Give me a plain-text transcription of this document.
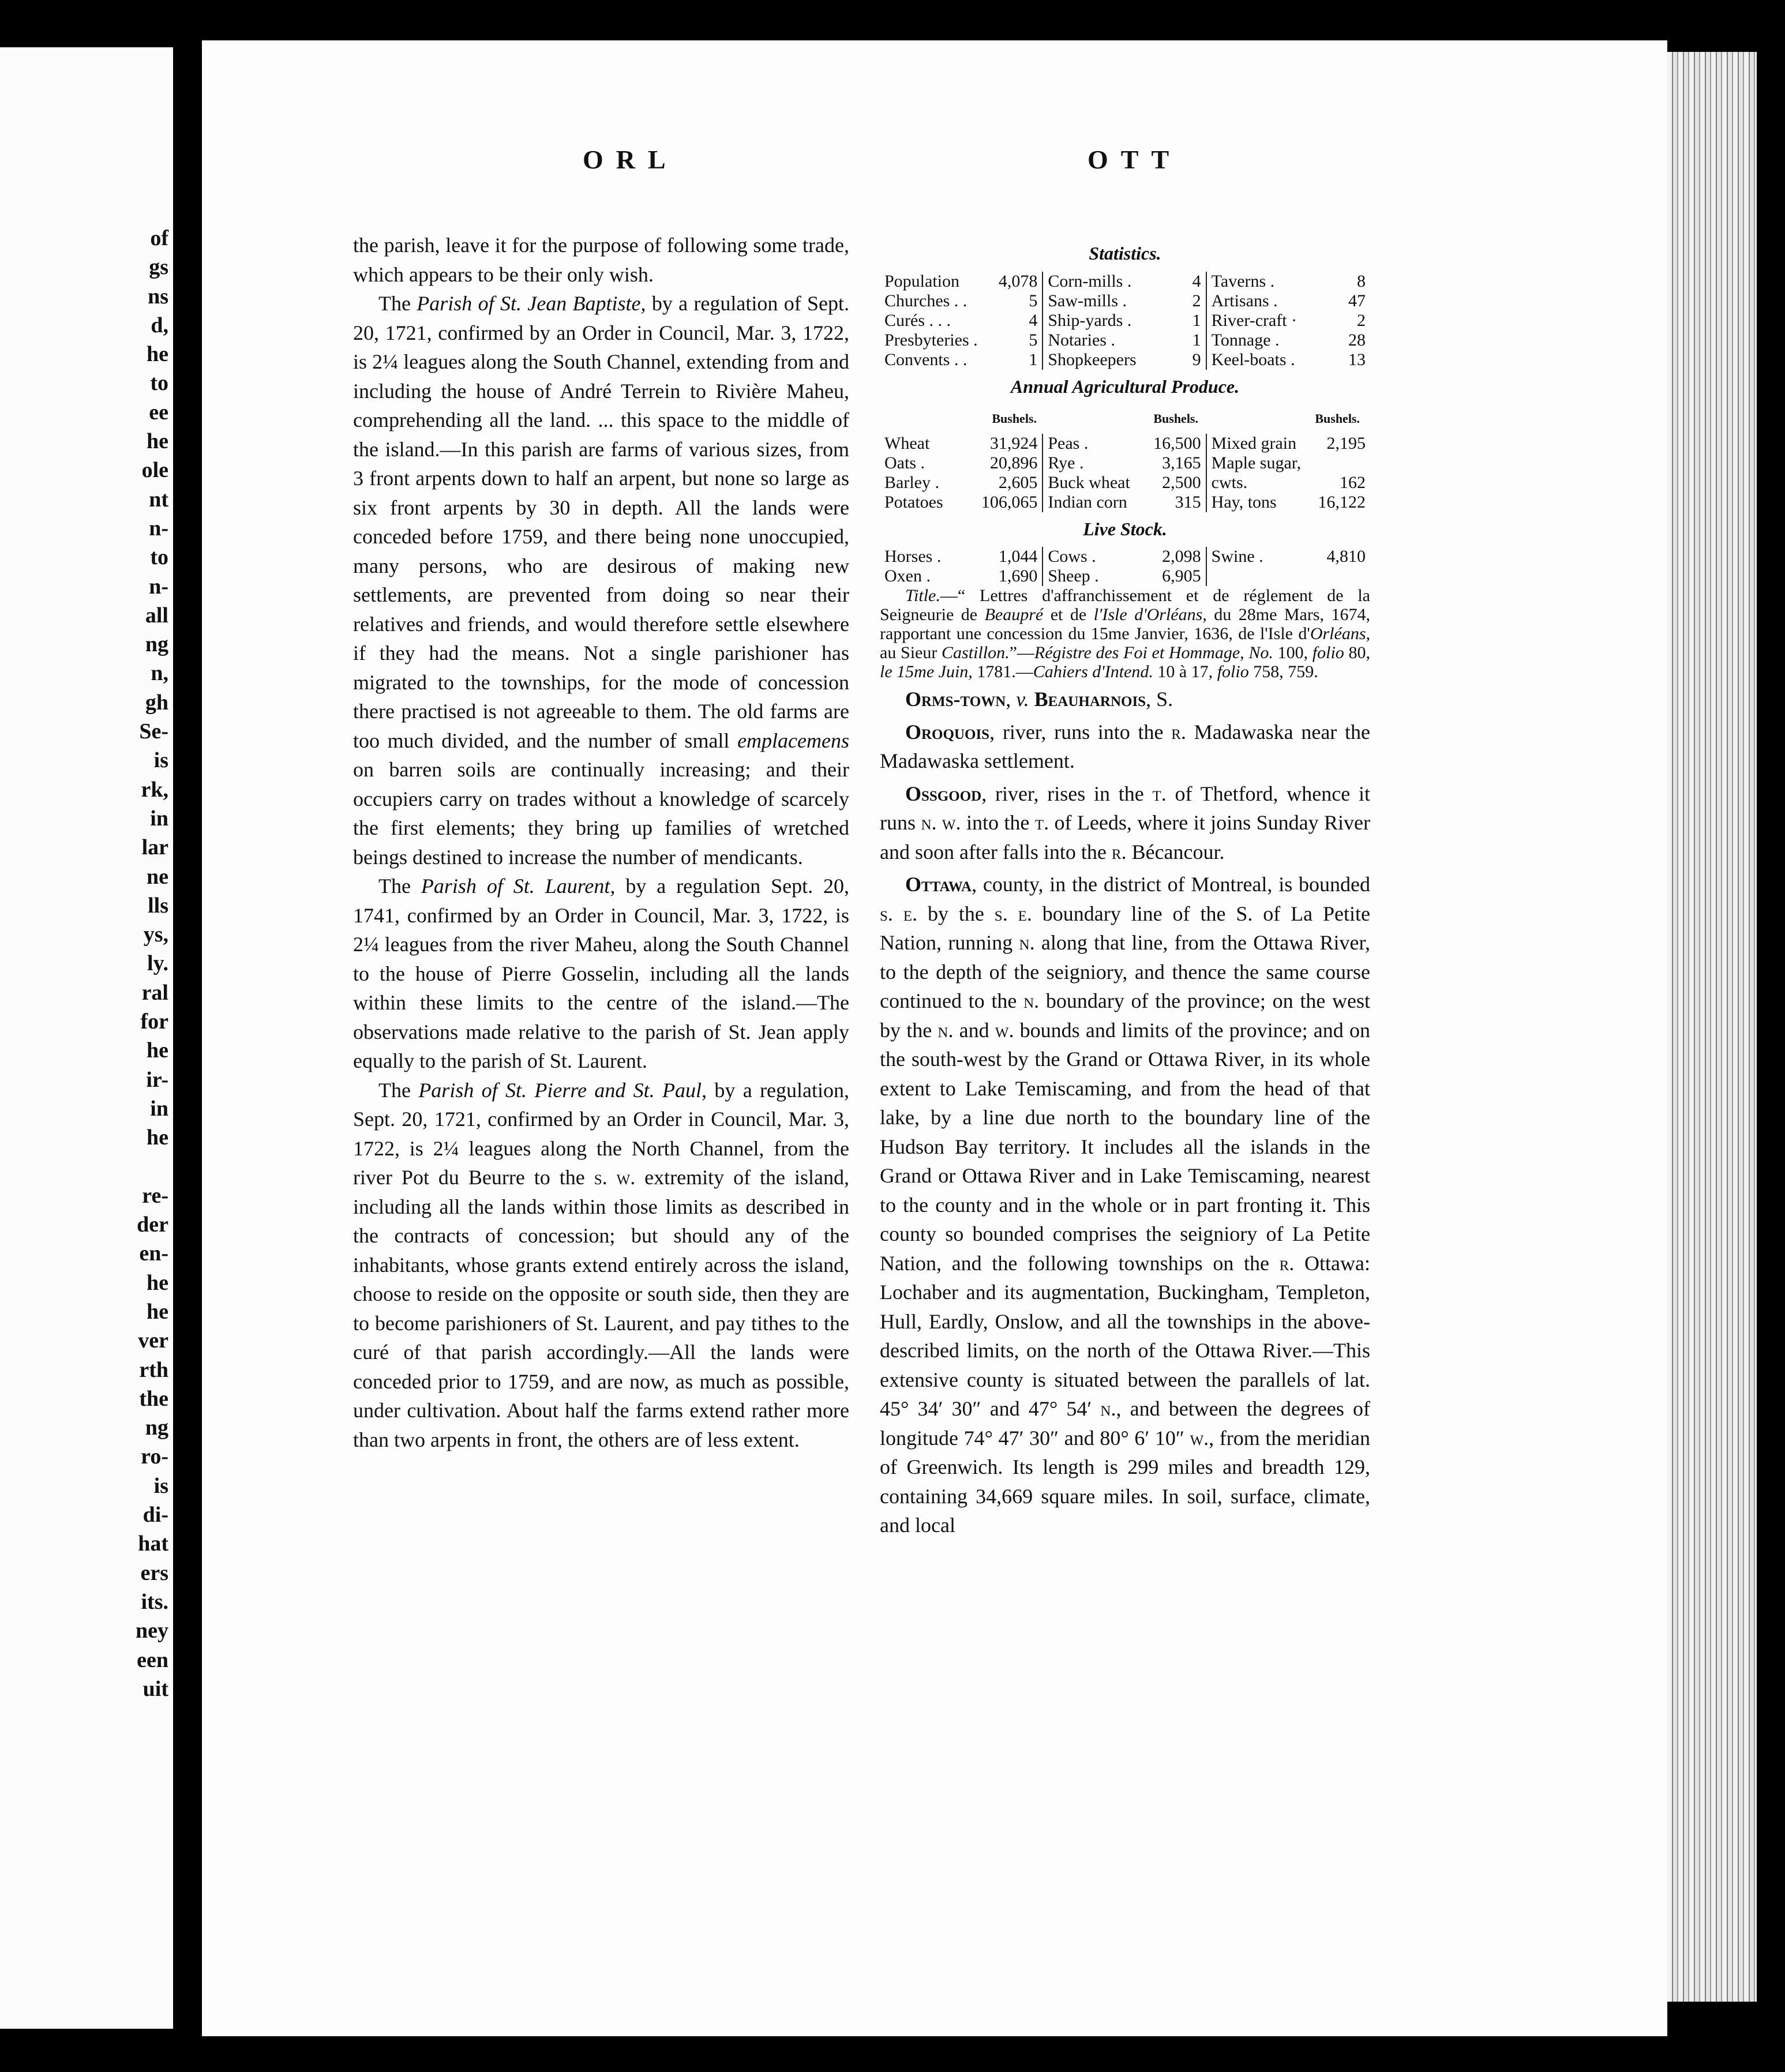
of
gs
ns
d,
he
to
ee
he
ole
nt
n-
to
n-
all
ng
n,
gh
Se-
is
rk,
in
lar
ne
lls
ys,
ly.
ral
for
he
ir-
in
he

re-
der
en-
he
he
ver
rth
the
ng
ro-
is
di-
hat
ers
its.
ney
een
uit
ORL	OTT

the parish, leave it for the purpose of following some trade, which appears to be their only wish.

The Parish of St. Jean Baptiste, by a regulation of Sept. 20, 1721, confirmed by an Order in Council, Mar. 3, 1722, is 2¼ leagues along the South Channel, extending from and including the house of André Terrein to Rivière Maheu, comprehending all the land. ... this space to the middle of the island.—In this parish are farms of various sizes, from 3 front arpents down to half an arpent, but none so large as six front arpents by 30 in depth. All the lands were conceded before 1759, and there being none unoccupied, many persons, who are desirous of making new settlements, are prevented from doing so near their relatives and friends, and would therefore settle elsewhere if they had the means. Not a single parishioner has migrated to the townships, for the mode of concession there practised is not agreeable to them. The old farms are too much divided, and the number of small emplacemens on barren soils are continually increasing; and their occupiers carry on trades without a knowledge of scarcely the first elements; they bring up families of wretched beings destined to increase the number of mendicants.

The Parish of St. Laurent, by a regulation Sept. 20, 1741, confirmed by an Order in Council, Mar. 3, 1722, is 2¼ leagues from the river Maheu, along the South Channel to the house of Pierre Gosselin, including all the lands within these limits to the centre of the island.—The observations made relative to the parish of St. Jean apply equally to the parish of St. Laurent.

The Parish of St. Pierre and St. Paul, by a regulation, Sept. 20, 1721, confirmed by an Order in Council, Mar. 3, 1722, is 2¼ leagues along the North Channel, from the river Pot du Beurre to the s. w. extremity of the island, including all the lands within those limits as described in the contracts of concession; but should any of the inhabitants, whose grants extend entirely across the island, choose to reside on the opposite or south side, then they are to become parishioners of St. Laurent, and pay tithes to the curé of that parish accordingly.—All the lands were conceded prior to 1759, and are now, as much as possible, under cultivation. About half the farms extend rather more than two arpents in front, the others are of less extent.

Statistics.
Population 4,078 Corn-mills .	4 Taverns .	8
Churches . .	5 Saw-mills .	2 Artisans .	47
Curés . . .	4 Ship-yards .	1 River-craft ·	2
Presbyteries .	5 Notaries .	1 Tonnage .	28
Convents . .	1 Shopkeepers	9 Keel-boats .	13
Annual Agricultural Produce.
Bushels.	Bushels.	Bushels.
Wheat	31,924 Peas .	16,500 Mixed grain 2,195
Oats .	20,896 Rye .	3,165 Maple sugar,
Barley .	2,605 Buck wheat 2,500 cwts.	162
Potatoes 106,065 Indian corn	315 Hay, tons 16,122
Live Stock.
Horses .	1,044 Cows .	2,098 Swine .	4,810
Oxen .	1,690 Sheep .	6,905

Title.—“ Lettres d'affranchissement et de réglement de la Seigneurie de Beaupré et de l'Isle d'Orléans, du 28me Mars, 1674, rapportant une concession du 15me Janvier, 1636, de l'Isle d'Orléans, au Sieur Castillon.”—Régistre des Foi et Hommage, No. 100, folio 80, le 15me Juin, 1781.—Cahiers d'Intend. 10 à 17, folio 758, 759.

Orms-town, v. Beauharnois, S.

Oroquois, river, runs into the r. Madawaska near the Madawaska settlement.

Ossgood, river, rises in the t. of Thetford, whence it runs n. w. into the t. of Leeds, where it joins Sunday River and soon after falls into the r. Bécancour.

Ottawa, county, in the district of Montreal, is bounded s. e. by the s. e. boundary line of the S. of La Petite Nation, running n. along that line, from the Ottawa River, to the depth of the seigniory, and thence the same course continued to the n. boundary of the province; on the west by the n. and w. bounds and limits of the province; and on the south-west by the Grand or Ottawa River, in its whole extent to Lake Temiscaming, and from the head of that lake, by a line due north to the boundary line of the Hudson Bay territory. It includes all the islands in the Grand or Ottawa River and in Lake Temiscaming, nearest to the county and in the whole or in part fronting it. This county so bounded comprises the seigniory of La Petite Nation, and the following townships on the r. Ottawa: Lochaber and its augmentation, Buckingham, Templeton, Hull, Eardly, Onslow, and all the townships in the above-described limits, on the north of the Ottawa River.—This extensive county is situated between the parallels of lat. 45° 34′ 30″ and 47° 54′ n., and between the degrees of longitude 74° 47′ 30″ and 80° 6′ 10″ w., from the meridian of Greenwich. Its length is 299 miles and breadth 129, containing 34,669 square miles. In soil, surface, climate, and local
